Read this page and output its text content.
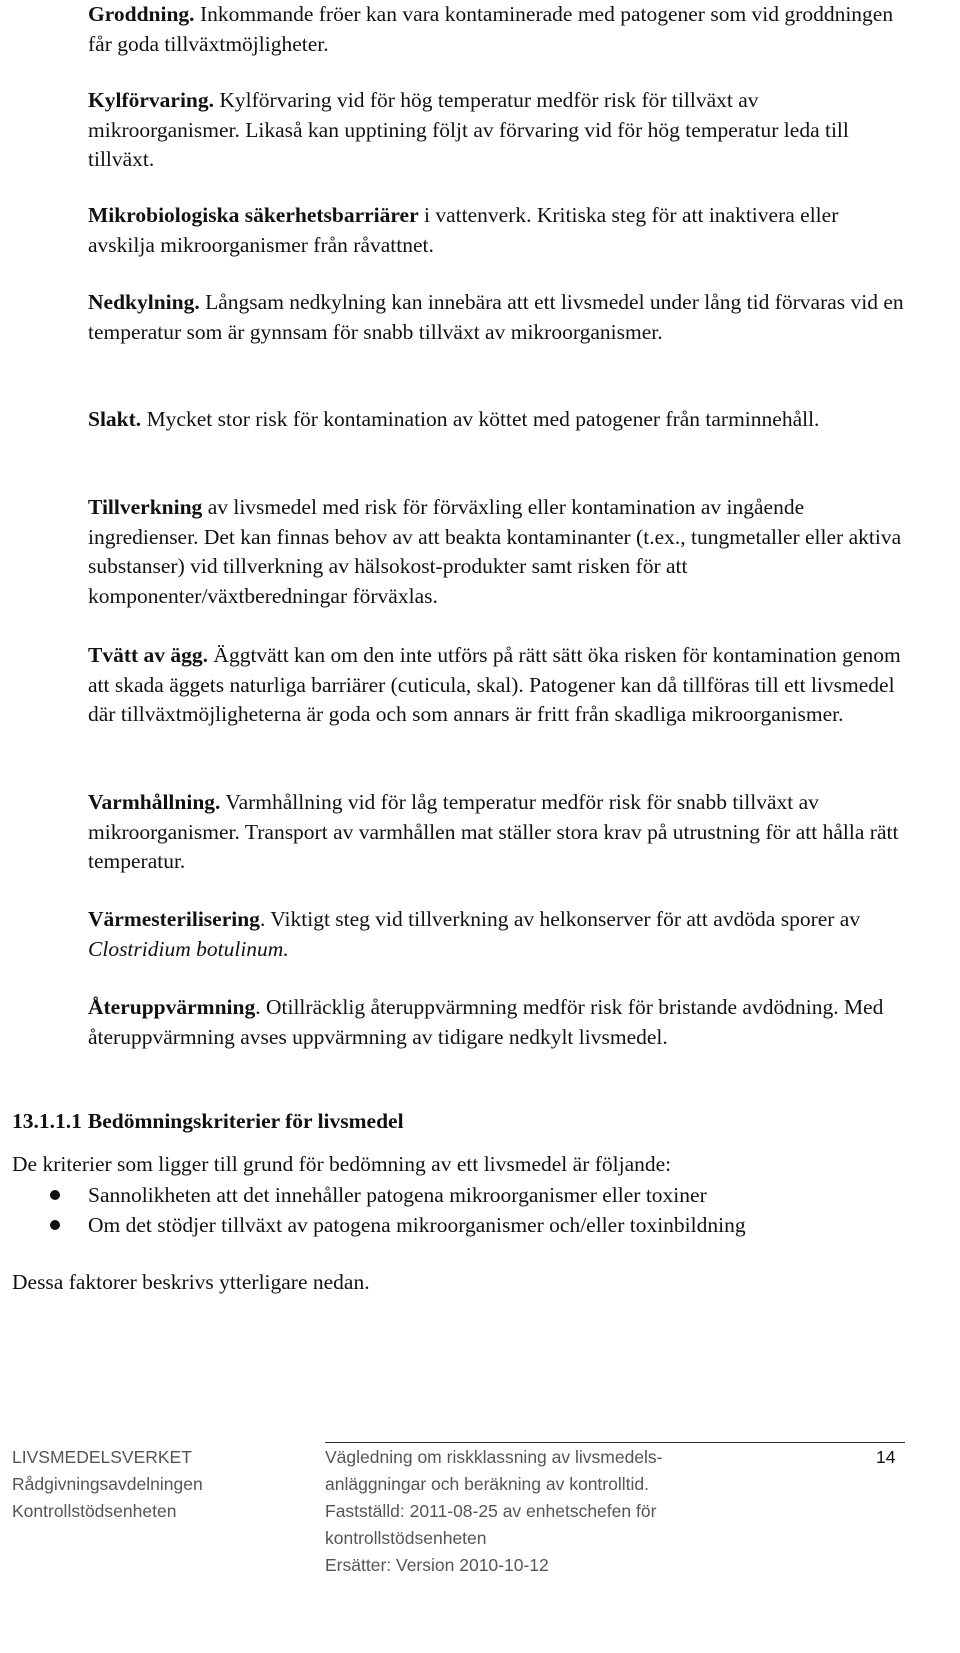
Groddning. Inkommande fröer kan vara kontaminerade med patogener som vid groddningen får goda tillväxtmöjligheter.

Kylförvaring. Kylförvaring vid för hög temperatur medför risk för tillväxt av mikroorganismer. Likaså kan upptining följt av förvaring vid för hög temperatur leda till tillväxt.

Mikrobiologiska säkerhetsbarriärer i vattenverk. Kritiska steg för att inaktivera eller avskilja mikroorganismer från råvattnet.

Nedkylning. Långsam nedkylning kan innebära att ett livsmedel under lång tid förvaras vid en temperatur som är gynnsam för snabb tillväxt av mikroorganismer.

Slakt. Mycket stor risk för kontamination av köttet med patogener från tarminnehåll.

Tillverkning av livsmedel med risk för förväxling eller kontamination av ingående ingredienser. Det kan finnas behov av att beakta kontaminanter (t.ex., tungmetaller eller aktiva substanser) vid tillverkning av hälsokost-produkter samt risken för att komponenter/växtberedningar förväxlas.

Tvätt av ägg. Äggtvätt kan om den inte utförs på rätt sätt öka risken för kontamination genom att skada äggets naturliga barriärer (cuticula, skal). Patogener kan då tillföras till ett livsmedel där tillväxtmöjligheterna är goda och som annars är fritt från skadliga mikroorganismer.

Varmhållning. Varmhållning vid för låg temperatur medför risk för snabb tillväxt av mikroorganismer. Transport av varmhållen mat ställer stora krav på utrustning för att hålla rätt temperatur.

Värmesterilisering. Viktigt steg vid tillverkning av helkonserver för att avdöda sporer av Clostridium botulinum.

Återuppvärmning. Otillräcklig återuppvärmning medför risk för bristande avdödning. Med återuppvärmning avses uppvärmning av tidigare nedkylt livsmedel.

13.1.1.1 Bedömningskriterier för livsmedel

De kriterier som ligger till grund för bedömning av ett livsmedel är följande:

Sannolikheten att det innehåller patogena mikroorganismer eller toxiner
Om det stödjer tillväxt av patogena mikroorganismer och/eller toxinbildning

Dessa faktorer beskrivs ytterligare nedan.

LIVSMEDELSVERKET
Rådgivningsavdelningen
Kontrollstödsenheten
Vägledning om riskklassning av livsmedels-
anläggningar och beräkning av kontrolltid.
Fastställd: 2011-08-25 av enhetschefen för
kontrollstödsenheten
Ersätter: Version 2010-10-12
14
